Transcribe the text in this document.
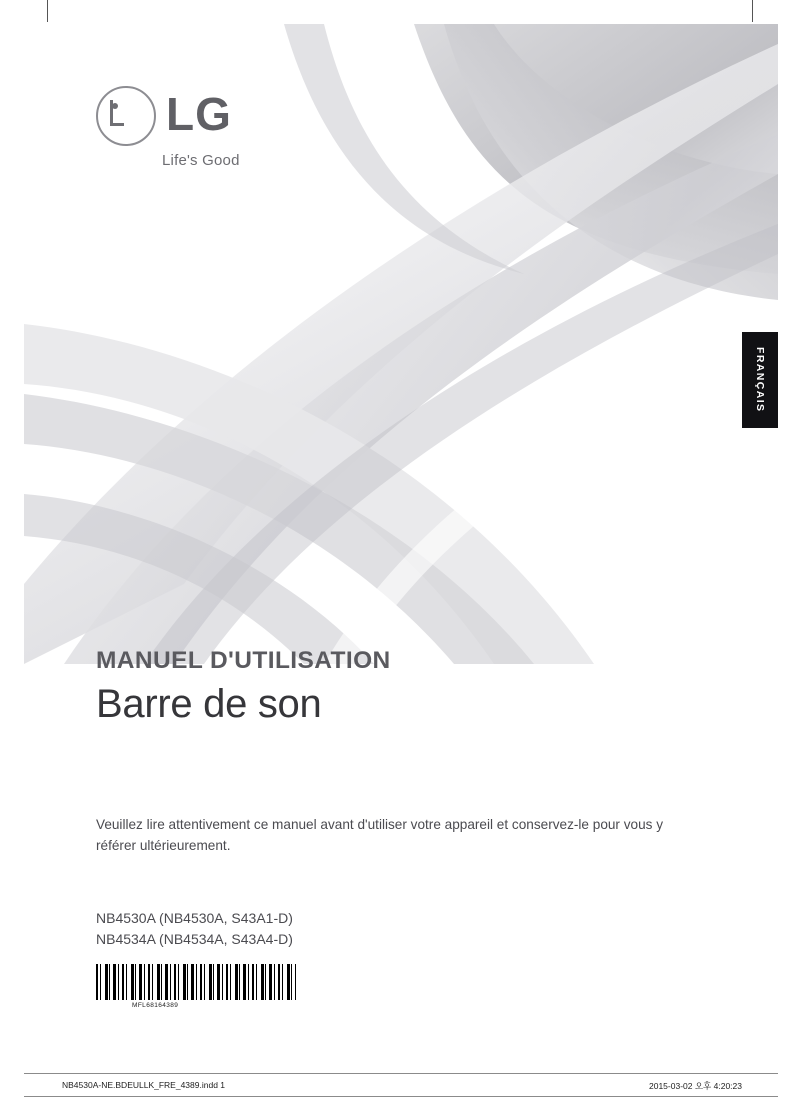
LG
Life's Good
FRANÇAIS
MANUEL D'UTILISATION
Barre de son
Veuillez lire attentivement ce manuel avant d'utiliser votre appareil et conservez-le pour vous y référer ultérieurement.
NB4530A (NB4530A, S43A1-D)
NB4534A (NB4534A, S43A4-D)
MFL68164389
NB4530A-NE.BDEULLK_FRE_4389.indd 1	2015-03-02 오후 4:20:23
